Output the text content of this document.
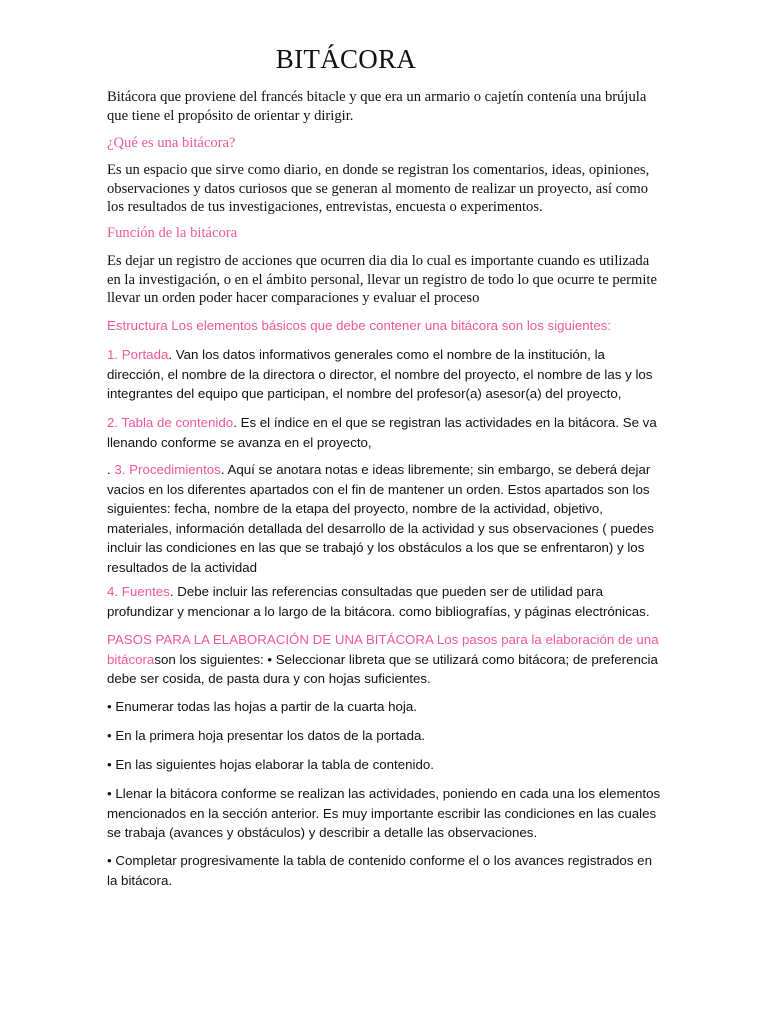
BITÁCORA

Bitácora que proviene del francés bitacle y que era un armario o cajetín contenía una brújula que tiene el propósito de orientar y dirigir.

¿Qué es una bitácora?

Es un espacio que sirve como diario, en donde se registran los comentarios, ideas, opiniones, observaciones y datos curiosos que se generan al momento de realizar un proyecto, así como los resultados de tus investigaciones, entrevistas, encuesta o experimentos.

Función de la bitácora

Es dejar un registro de acciones que ocurren dia dia lo cual es importante cuando es utilizada en la investigación, o en el ámbito personal, llevar un registro de todo lo que ocurre te permite llevar un orden poder hacer comparaciones y evaluar el proceso

Estructura Los elementos básicos que debe contener una bitácora son los siguientes:

1. Portada. Van los datos informativos generales como el nombre de la institución, la dirección, el nombre de la directora o director, el nombre del proyecto, el nombre de las y los integrantes del equipo que participan, el nombre del profesor(a) asesor(a) del proyecto,

2. Tabla de contenido. Es el índice en el que se registran las actividades en la bitácora. Se va llenando conforme se avanza en el proyecto,

. 3. Procedimientos. Aquí se anotara notas e ideas libremente; sin embargo, se deberá dejar vacios en los diferentes apartados con el fin de mantener un orden. Estos apartados son los siguientes: fecha, nombre de la etapa del proyecto, nombre de la actividad, objetivo, materiales, información detallada del desarrollo de la actividad y sus observaciones ( puedes incluir las condiciones en las que se trabajó y los obstáculos a los que se enfrentaron) y los resultados de la actividad

4. Fuentes. Debe incluir las referencias consultadas que pueden ser de utilidad para profundizar y mencionar a lo largo de la bitácora. como bibliografías, y páginas electrónicas.

PASOS PARA LA ELABORACIÓN DE UNA BITÁCORA Los pasos para la elaboración de una bitácorason los siguientes: • Seleccionar libreta que se utilizará como bitácora; de preferencia debe ser cosida, de pasta dura y con hojas suficientes.

• Enumerar todas las hojas a partir de la cuarta hoja.

• En la primera hoja presentar los datos de la portada.

• En las siguientes hojas elaborar la tabla de contenido.

• Llenar la bitácora conforme se realizan las actividades, poniendo en cada una los elementos mencionados en la sección anterior. Es muy importante escribir las condiciones en las cuales se trabaja (avances y obstáculos) y describir a detalle las observaciones.

• Completar progresivamente la tabla de contenido conforme el o los avances registrados en la bitácora.
